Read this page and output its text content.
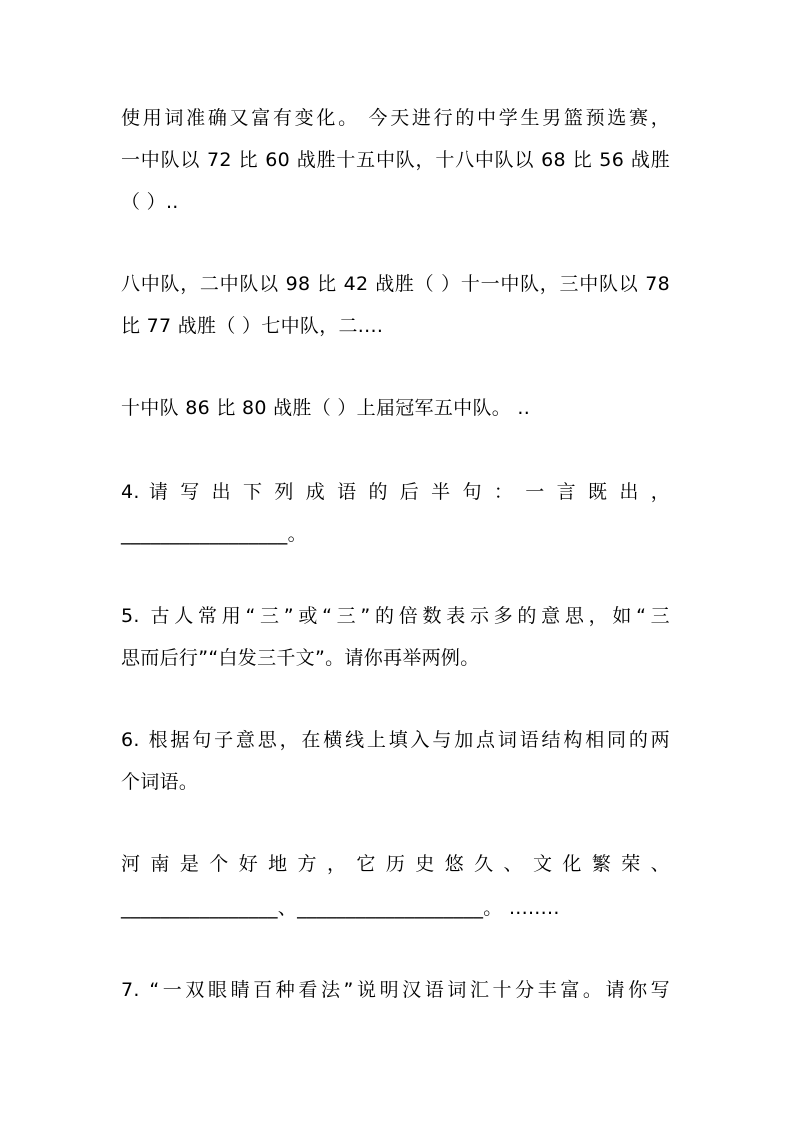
使用词准确又富有变化。 今天进行的中学生男篮预选赛，
一中队以 72 比 60 战胜十五中队，十八中队以 68 比 56 战胜
（ ）..
八中队，二中队以 98 比 42 战胜（ ）十一中队，三中队以 78
比 77 战胜（ ）七中队，二....
十中队 86 比 80 战胜（ ）上届冠军五中队。 ..
4. 请 写 出 下 列 成 语 的 后 半 句 ： 一 言 既 出 ，
_________________。
5. 古人常用“三”或“三”的倍数表示多的意思，如“三
思而后行”“白发三千文”。请你再举两例。
6. 根据句子意思，在横线上填入与加点词语结构相同的两
个词语。
河 南 是 个 好 地 方 ， 它 历 史 悠 久 、 文 化 繁 荣 、
________________、___________________。 ........
7. “一双眼睛百种看法”说明汉语词汇十分丰富。请你写
